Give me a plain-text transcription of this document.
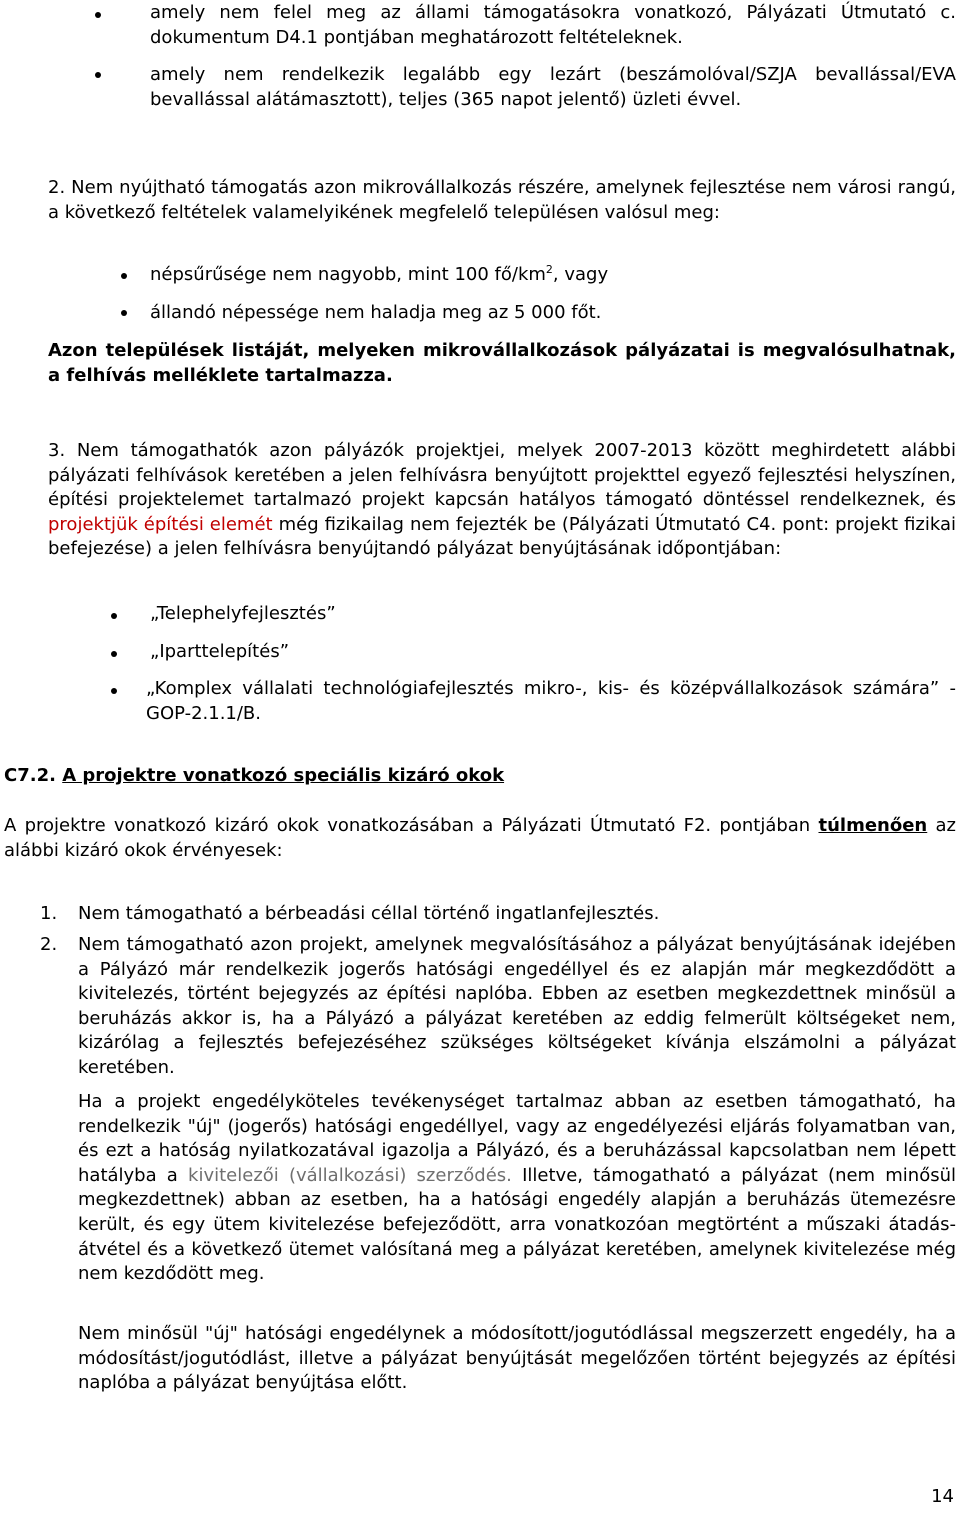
amely nem felel meg az állami támogatásokra vonatkozó, Pályázati Útmutató c. dokumentum D4.1 pontjában meghatározott feltételeknek.
amely nem rendelkezik legalább egy lezárt (beszámolóval/SZJA bevallással/EVA bevallással alátámasztott), teljes (365 napot jelentő) üzleti évvel.
2. Nem nyújtható támogatás azon mikrovállalkozás részére, amelynek fejlesztése nem városi rangú, a következő feltételek valamelyikének megfelelő településen valósul meg:
népsűrűsége nem nagyobb, mint 100 $fő/km^2$, vagy
állandó népessége nem haladja meg az 5 000 főt.
Azon települések listáját, melyeken mikrovállalkozások pályázatai is megvalósulhatnak, a felhívás melléklete tartalmazza.
3. Nem támogathatók azon pályázók projektjei, melyek 2007-2013 között meghirdetett alábbi pályázati felhívások keretében a jelen felhívásra benyújtott projekttel egyező fejlesztési helyszínen, építési projektelemet tartalmazó projekt kapcsán hatályos támogató döntéssel rendelkeznek, és projektjük építési elemét még fizikailag nem fejezték be (Pályázati Útmutató C4. pont: projekt fizikai befejezése) a jelen felhívásra benyújtandó pályázat benyújtásának időpontjában:
„Telephelyfejlesztés”
„Iparttelepítés”
„Komplex vállalati technológiafejlesztés mikro-, kis- és középvállalkozások számára” - GOP-2.1.1/B.
C7.2. A projektre vonatkozó speciális kizáró okok
A projektre vonatkozó kizáró okok vonatkozásában a Pályázati Útmutató F2. pontjában túlmenően az alábbi kizáró okok érvényesek:
1. Nem támogatható a bérbeadási céllal történő ingatlanfejlesztés.
2. Nem támogatható azon projekt, amelynek megvalósításához a pályázat benyújtásának idejében a Pályázó már rendelkezik jogerős hatósági engedéllyel és ez alapján már megkezdődött a kivitelezés, történt bejegyzés az építési naplóba. Ebben az esetben megkezdettnek minősül a beruházás akkor is, ha a Pályázó a pályázat keretében az eddig felmerült költségeket nem, kizárólag a fejlesztés befejezéséhez szükséges költségeket kívánja elszámolni a pályázat keretében.
Ha a projekt engedélyköteles tevékenységet tartalmaz abban az esetben támogatható, ha rendelkezik "új" (jogerős) hatósági engedéllyel, vagy az engedélyezési eljárás folyamatban van, és ezt a hatóság nyilatkozatával igazolja a Pályázó, és a beruházással kapcsolatban nem lépett hatályba a kivitelezői (vállalkozási) szerződés. Illetve, támogatható a pályázat (nem minősül megkezdettnek) abban az esetben, ha a hatósági engedély alapján a beruházás ütemezésre került, és egy ütem kivitelezése befejeződött, arra vonatkozóan megtörtént a műszaki átadás-átvétel és a következő ütemet valósítaná meg a pályázat keretében, amelynek kivitelezése még nem kezdődött meg.
Nem minősül "új" hatósági engedélynek a módosított/jogutódlással megszerzett engedély, ha a módosítást/jogutódlást, illetve a pályázat benyújtását megelőzően történt bejegyzés az építési naplóba a pályázat benyújtása előtt.
14
